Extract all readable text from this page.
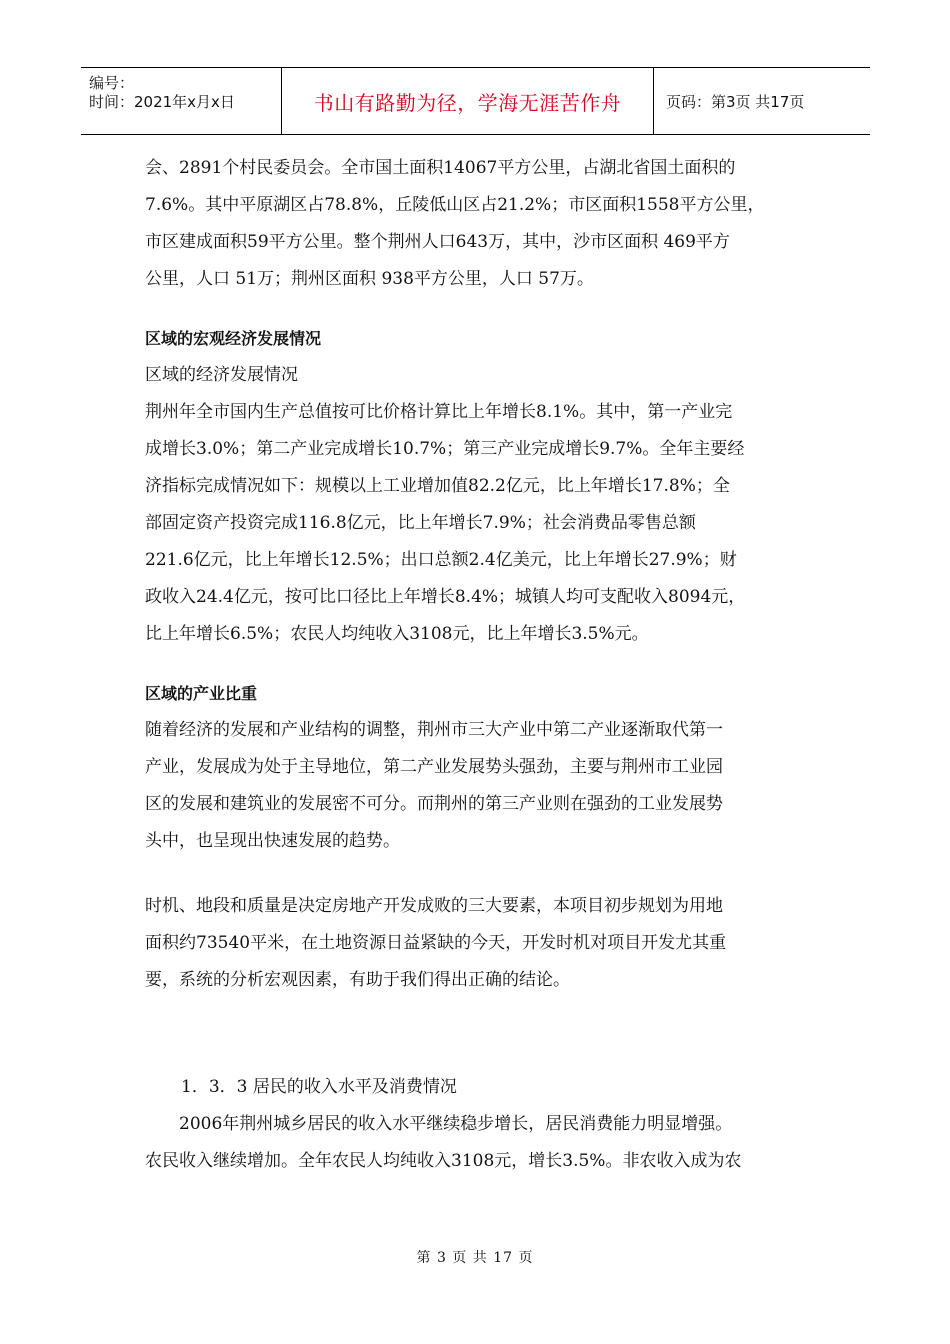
编号：
时间：2021年x月x日	书山有路勤为径，学海无涯苦作舟	页码：第3页 共17页

会、2891个村民委员会。全市国土面积14067平方公里，占湖北省国土面积的

7.6%。其中平原湖区占78.8%，丘陵低山区占21.2%；市区面积1558平方公里，

市区建成面积59平方公里。整个荆州人口643万，其中，沙市区面积 469平方

公里，人口 51万；荆州区面积 938平方公里，人口 57万。

区域的宏观经济发展情况

区域的经济发展情况

荆州年全市国内生产总值按可比价格计算比上年增长8.1%。其中，第一产业完

成增长3.0%；第二产业完成增长10.7%；第三产业完成增长9.7%。全年主要经

济指标完成情况如下：规模以上工业增加值82.2亿元，比上年增长17.8%；全

部固定资产投资完成116.8亿元，比上年增长7.9%；社会消费品零售总额

221.6亿元，比上年增长12.5%；出口总额2.4亿美元，比上年增长27.9%；财

政收入24.4亿元，按可比口径比上年增长8.4%；城镇人均可支配收入8094元，

比上年增长6.5%；农民人均纯收入3108元，比上年增长3.5%元。

区域的产业比重

随着经济的发展和产业结构的调整，荆州市三大产业中第二产业逐渐取代第一

产业，发展成为处于主导地位，第二产业发展势头强劲，主要与荆州市工业园

区的发展和建筑业的发展密不可分。而荆州的第三产业则在强劲的工业发展势

头中，也呈现出快速发展的趋势。

时机、地段和质量是决定房地产开发成败的三大要素，本项目初步规划为用地

面积约73540平米，在土地资源日益紧缺的今天，开发时机对项目开发尤其重

要，系统的分析宏观因素，有助于我们得出正确的结论。

1．3．3 居民的收入水平及消费情况

2006年荆州城乡居民的收入水平继续稳步增长，居民消费能力明显增强。

农民收入继续增加。全年农民人均纯收入3108元，增长3.5%。非农收入成为农

第 3 页 共 17 页
